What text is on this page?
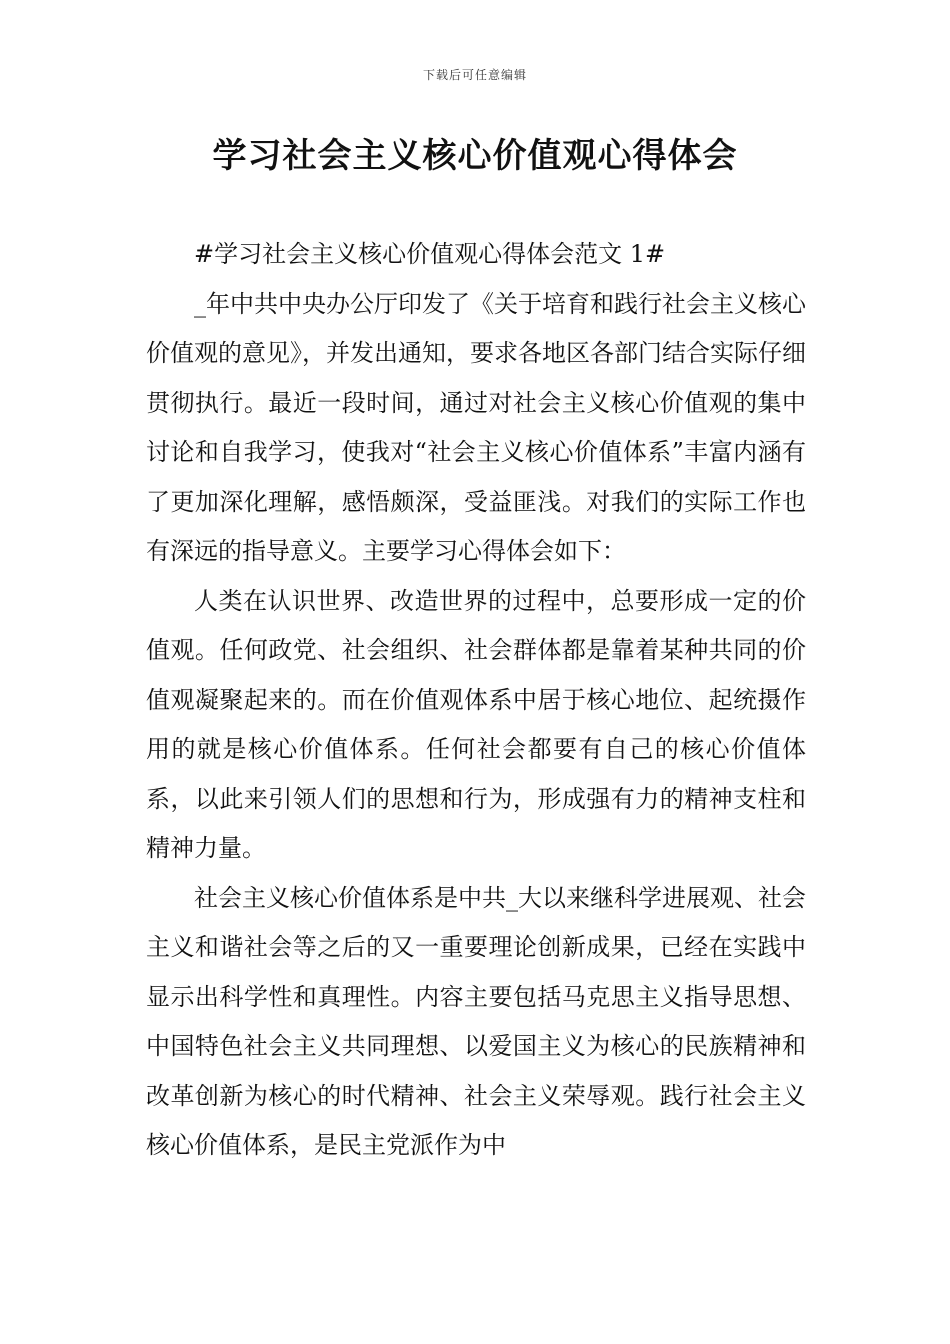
下载后可任意编辑
学习社会主义核心价值观心得体会

#学习社会主义核心价值观心得体会范文 1#

_年中共中央办公厅印发了《关于培育和践行社会主义核心价值观的意见》，并发出通知，要求各地区各部门结合实际仔细贯彻执行。最近一段时间，通过对社会主义核心价值观的集中讨论和自我学习，使我对“社会主义核心价值体系”丰富内涵有了更加深化理解，感悟颇深，受益匪浅。对我们的实际工作也有深远的指导意义。主要学习心得体会如下：

人类在认识世界、改造世界的过程中，总要形成一定的价值观。任何政党、社会组织、社会群体都是靠着某种共同的价值观凝聚起来的。而在价值观体系中居于核心地位、起统摄作用的就是核心价值体系。任何社会都要有自己的核心价值体系，以此来引领人们的思想和行为，形成强有力的精神支柱和精神力量。

社会主义核心价值体系是中共_大以来继科学进展观、社会主义和谐社会等之后的又一重要理论创新成果，已经在实践中显示出科学性和真理性。内容主要包括马克思主义指导思想、中国特色社会主义共同理想、以爱国主义为核心的民族精神和改革创新为核心的时代精神、社会主义荣辱观。践行社会主义核心价值体系，是民主党派作为中
